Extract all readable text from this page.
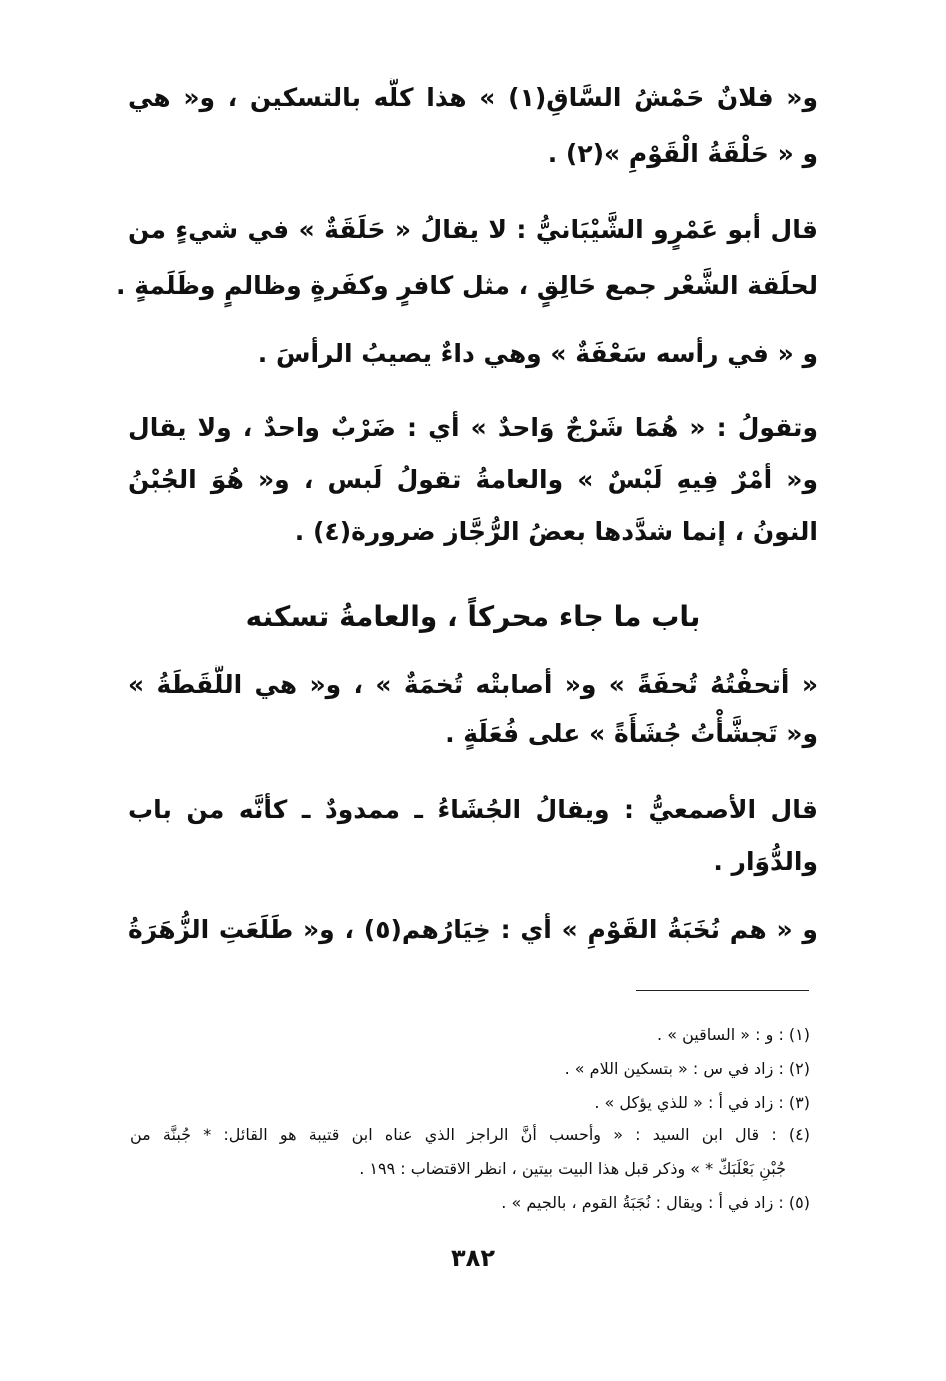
و« فلانٌ حَمْشُ السَّاقِ(١) » هذا كلُّه بالتسكين ، و« هي
و « حَلْقَةُ الْقَوْمِ »(٢) .
قال أبو عَمْرٍو الشَّيْبَانيُّ : لا يقالُ « حَلَقَةٌ » في شيءٍ من
لحلَقة الشَّعْر جمع حَالِقٍ ، مثل كافرٍ وكفَرةٍ وظالمٍ وظَلَمةٍ .
و « في رأسه سَعْفَةٌ » وهي داءٌ يصيبُ الرأسَ .
وتقولُ : « هُمَا شَرْجٌ وَاحدٌ » أي : ضَرْبٌ واحدٌ ، ولا يقال
و« أمْرٌ فِيهِ لَبْسٌ » والعامةُ تقولُ لَبس ، و« هُوَ الجُبْنُ
النونُ ، إنما شدَّدها بعضُ الرُّجَّاز ضرورة(٤) .
باب ما جاء محركاً ، والعامةُ تسكنه
« أتحفْتُهُ تُحفَةً » و« أصابتْه تُخمَةٌ » ، و« هي اللُّقَطَةُ »
و« تَجشَّأْتُ جُشَأَةً » على فُعَلَةٍ .
قال الأصمعيُّ : ويقالُ الجُشَاءُ ـ ممدودٌ ـ كأنَّه من باب
والدُّوَار .
و « هم نُخَبَةُ القَوْمِ » أي : خِيَارُهم(٥) ، و« طَلَعَتِ الزُّهَرَةُ
(١) : و : « الساقين » .
(٢) : زاد في س : « بتسكين اللام » .
(٣) : زاد في أ : « للذي يؤكل » .
(٤) : قال ابن السيد : « وأحسب أنَّ الراجز الذي عناه ابن قتيبة هو القائل: * جُبنَّة من
جُبْنِ بَعْلَبَكّ * » وذكر قبل هذا البيت بيتين ، انظر الاقتضاب : ١٩٩ .
(٥) : زاد في أ : ويقال : نُجَبَةُ القوم ، بالجيم » .
٣٨٢
